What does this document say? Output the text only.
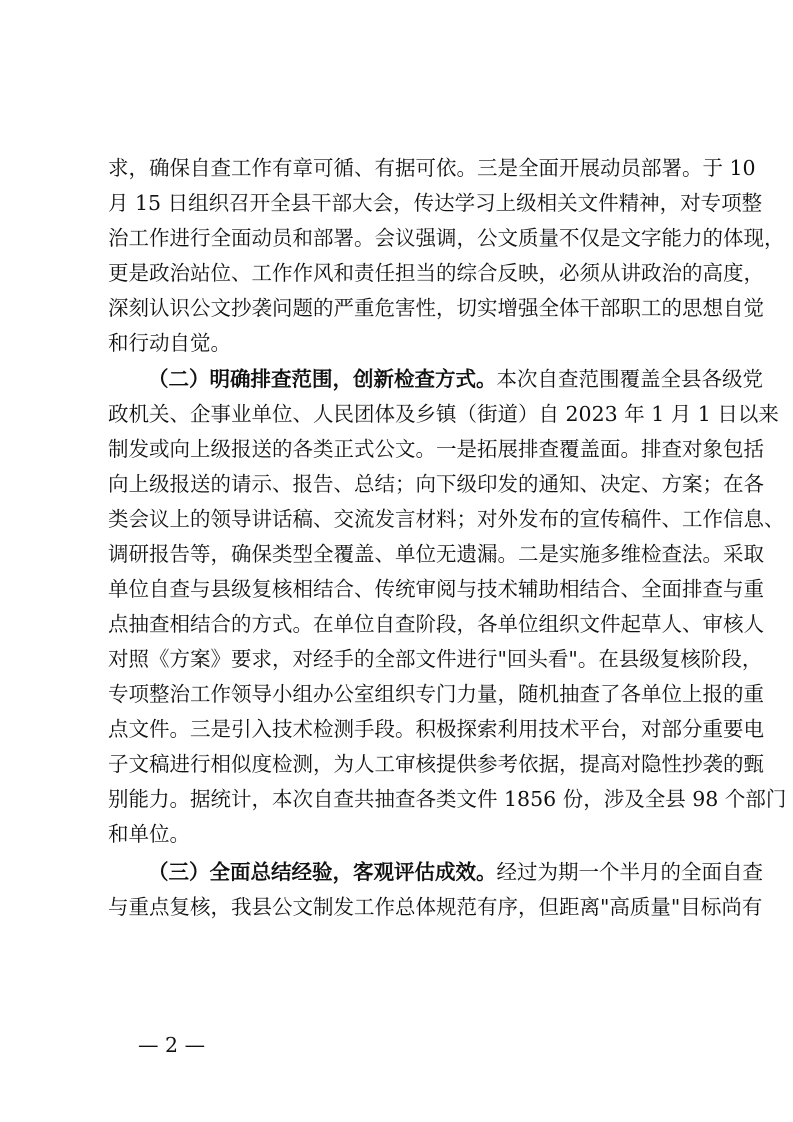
求，确保自查工作有章可循、有据可依。三是全面开展动员部署。于 10
月 15 日组织召开全县干部大会，传达学习上级相关文件精神，对专项整
治工作进行全面动员和部署。会议强调，公文质量不仅是文字能力的体现，
更是政治站位、工作作风和责任担当的综合反映，必须从讲政治的高度，
深刻认识公文抄袭问题的严重危害性，切实增强全体干部职工的思想自觉
和行动自觉。
（二）明确排查范围，创新检查方式。本次自查范围覆盖全县各级党
政机关、企事业单位、人民团体及乡镇（街道）自 2023 年 1 月 1 日以来
制发或向上级报送的各类正式公文。一是拓展排查覆盖面。排查对象包括
向上级报送的请示、报告、总结；向下级印发的通知、决定、方案；在各
类会议上的领导讲话稿、交流发言材料；对外发布的宣传稿件、工作信息、
调研报告等，确保类型全覆盖、单位无遗漏。二是实施多维检查法。采取
单位自查与县级复核相结合、传统审阅与技术辅助相结合、全面排查与重
点抽查相结合的方式。在单位自查阶段，各单位组织文件起草人、审核人
对照《方案》要求，对经手的全部文件进行"回头看"。在县级复核阶段，
专项整治工作领导小组办公室组织专门力量，随机抽查了各单位上报的重
点文件。三是引入技术检测手段。积极探索利用技术平台，对部分重要电
子文稿进行相似度检测，为人工审核提供参考依据，提高对隐性抄袭的甄
别能力。据统计，本次自查共抽查各类文件 1856 份，涉及全县 98 个部门
和单位。
（三）全面总结经验，客观评估成效。经过为期一个半月的全面自查
与重点复核，我县公文制发工作总体规范有序，但距离"高质量"目标尚有
— 2 —
